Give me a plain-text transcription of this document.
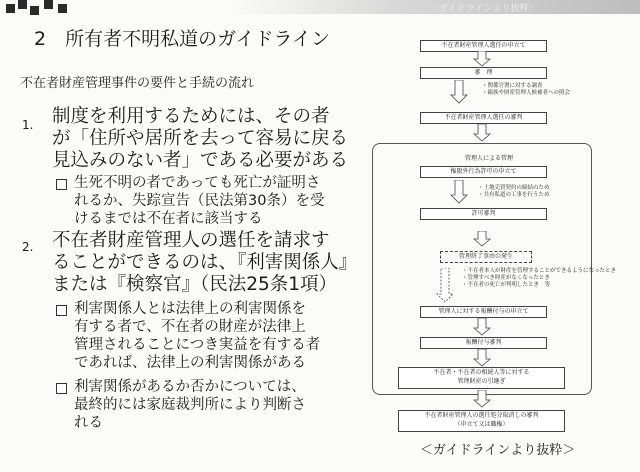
〈ガイドラインより抜粋〉
2　所有者不明私道のガイドライン
不在者財産管理事件の要件と手続の流れ
1. 制度を利用するためには、その者
が「住所や居所を去って容易に戻る
見込みのない者」である必要がある
生死不明の者であっても死亡が証明さ
れるか、失踪宣告（民法第30条）を受
けるまでは不在者に該当する
2. 不在者財産管理人の選任を請求す
ることができるのは、『利害関係人』
または『検察官』（民法25条1項）
利害関係人とは法律上の利害関係を
有する者で、不在者の財産が法律上
管理されることにつき実益を有する者
であれば、法律上の利害関係がある
利害関係があるか否かについては、
最終的には家庭裁判所により判断さ
れる
不在者財産管理人選任の申立て
審　理
・関係官署に対する調査
・親族や財産管理人候補者への照会
不在者財産管理人選任の審判
管理人による管理
権限外行為許可の申立て
・土地売買契約の締結のため
・共有私道の工事を行うため
許可審判
管理終了事由の発生
・不在者本人が財産を管理することができるようになったとき
・管理すべき財産がなくなったとき
・不在者の死亡が判明したとき　等
管理人に対する報酬付与の申立て
報酬付与審判
不在者・不在者の相続人等に対する
管理財産の引継ぎ
不在者財産管理人の選任処分取消しの審判
（申立て又は職権）
＜ガイドラインより抜粋＞
